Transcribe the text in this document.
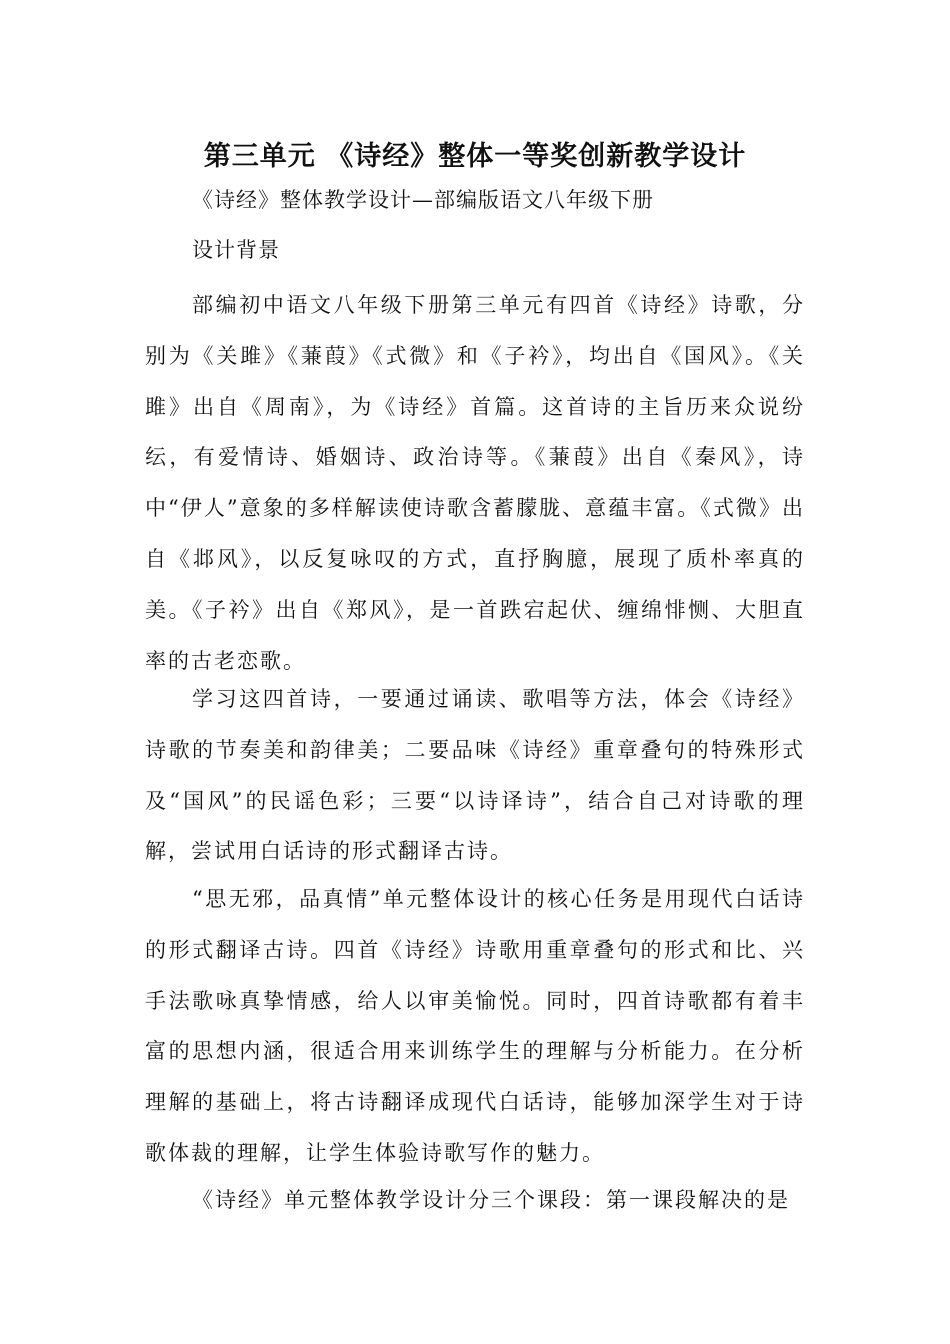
第三单元 《诗经》整体一等奖创新教学设计
《诗经》整体教学设计—部编版语文八年级下册
设计背景
部编初中语文八年级下册第三单元有四首《诗经》诗歌，分别为《关雎》《蒹葭》《式微》和《子衿》，均出自《国风》。《关雎》出自《周南》，为《诗经》首篇。这首诗的主旨历来众说纷纭，有爱情诗、婚姻诗、政治诗等。《蒹葭》出自《秦风》，诗中“伊人”意象的多样解读使诗歌含蓄朦胧、意蕴丰富。《式微》出自《邶风》，以反复咏叹的方式，直抒胸臆，展现了质朴率真的美。《子衿》出自《郑风》，是一首跌宕起伏、缠绵悱恻、大胆直率的古老恋歌。
学习这四首诗，一要通过诵读、歌唱等方法，体会《诗经》诗歌的节奏美和韵律美；二要品味《诗经》重章叠句的特殊形式及“国风”的民谣色彩；三要“以诗译诗”，结合自己对诗歌的理解，尝试用白话诗的形式翻译古诗。
“思无邪，品真情”单元整体设计的核心任务是用现代白话诗的形式翻译古诗。四首《诗经》诗歌用重章叠句的形式和比、兴手法歌咏真挚情感，给人以审美愉悦。同时，四首诗歌都有着丰富的思想内涵，很适合用来训练学生的理解与分析能力。在分析理解的基础上，将古诗翻译成现代白话诗，能够加深学生对于诗歌体裁的理解，让学生体验诗歌写作的魅力。
《诗经》单元整体教学设计分三个课段：第一课段解决的是
